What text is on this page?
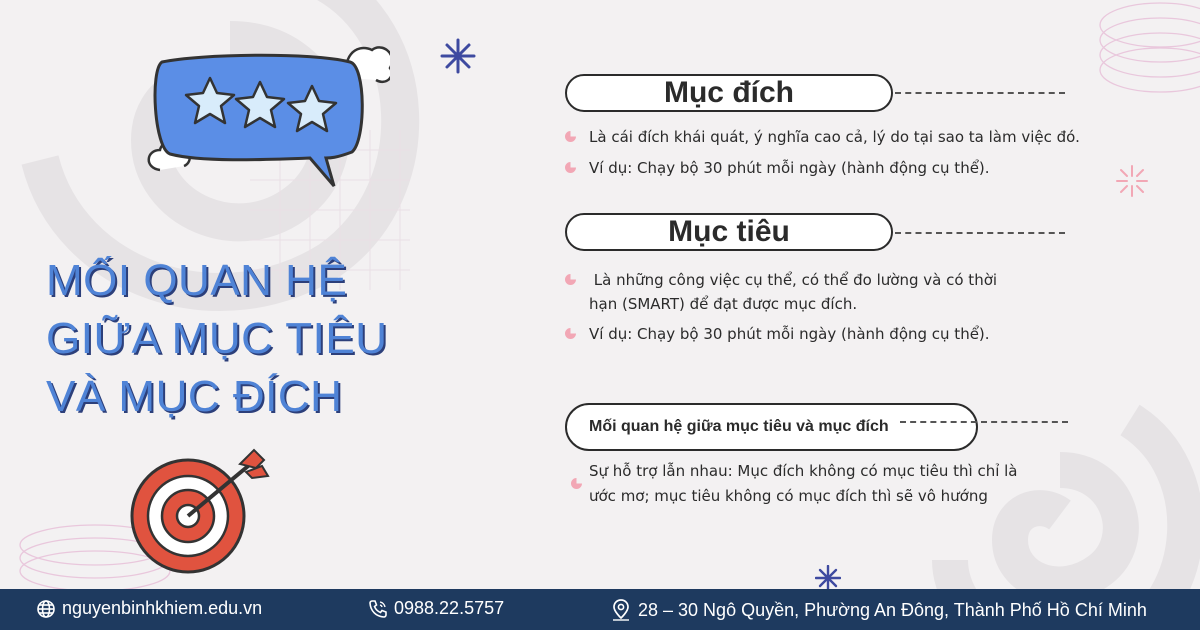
MỐI QUAN HỆ
GIỮA MỤC TIÊU
VÀ MỤC ĐÍCH
Mục đích
Là cái đích khái quát, ý nghĩa cao cả, lý do tại sao ta làm việc đó.
Ví dụ: Chạy bộ 30 phút mỗi ngày (hành động cụ thể).
Mục tiêu
Là những công việc cụ thể, có thể đo lường và có thời
hạn (SMART) để đạt được mục đích.
Ví dụ: Chạy bộ 30 phút mỗi ngày (hành động cụ thể).
Mối quan hệ giữa mục tiêu và mục đích
Sự hỗ trợ lẫn nhau: Mục đích không có mục tiêu thì chỉ là
ước mơ; mục tiêu không có mục đích thì sẽ vô hướng
nguyenbinhkhiem.edu.vn	0988.22.5757	28 – 30 Ngô Quyền, Phường An Đông, Thành Phố Hồ Chí Minh
